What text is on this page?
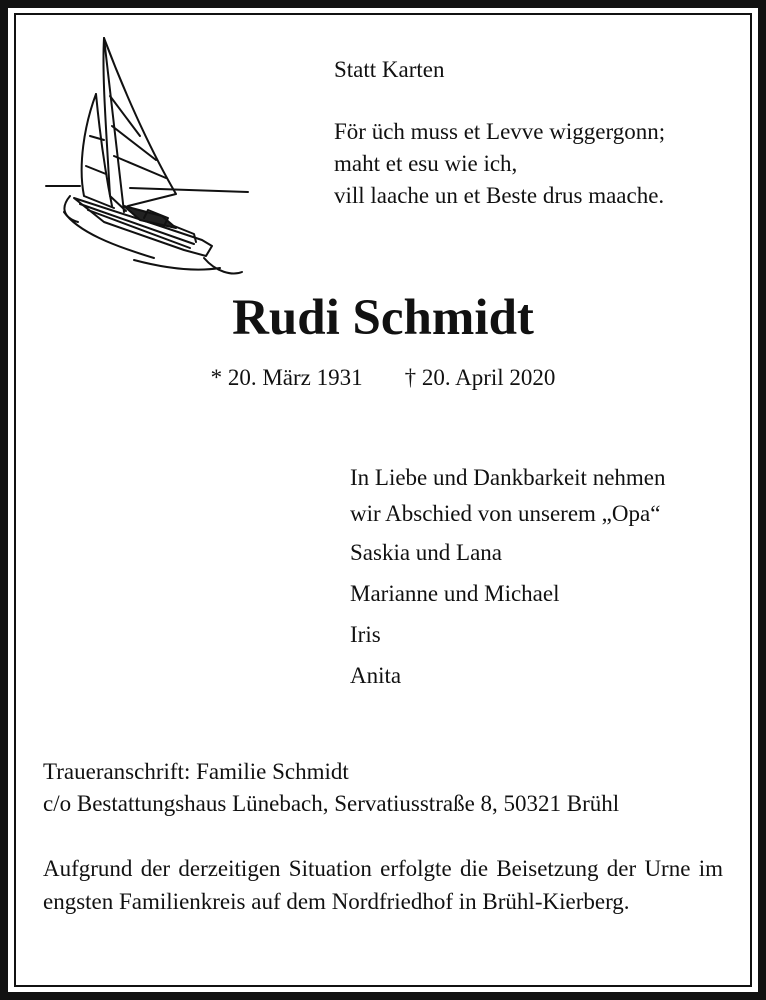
Statt Karten
För üch muss et Levve wiggergonn;
maht et esu wie ich,
vill laache un et Beste drus maache.
Rudi Schmidt
* 20. März 1931 † 20. April 2020
In Liebe und Dankbarkeit nehmen
wir Abschied von unserem „Opa“
Saskia und Lana
Marianne und Michael
Iris
Anita
Traueranschrift: Familie Schmidt
c/o Bestattungshaus Lünebach, Servatiusstraße 8, 50321 Brühl
Aufgrund der derzeitigen Situation erfolgte die Beisetzung der Urne im engsten Familienkreis auf dem Nordfriedhof in Brühl-Kierberg.
